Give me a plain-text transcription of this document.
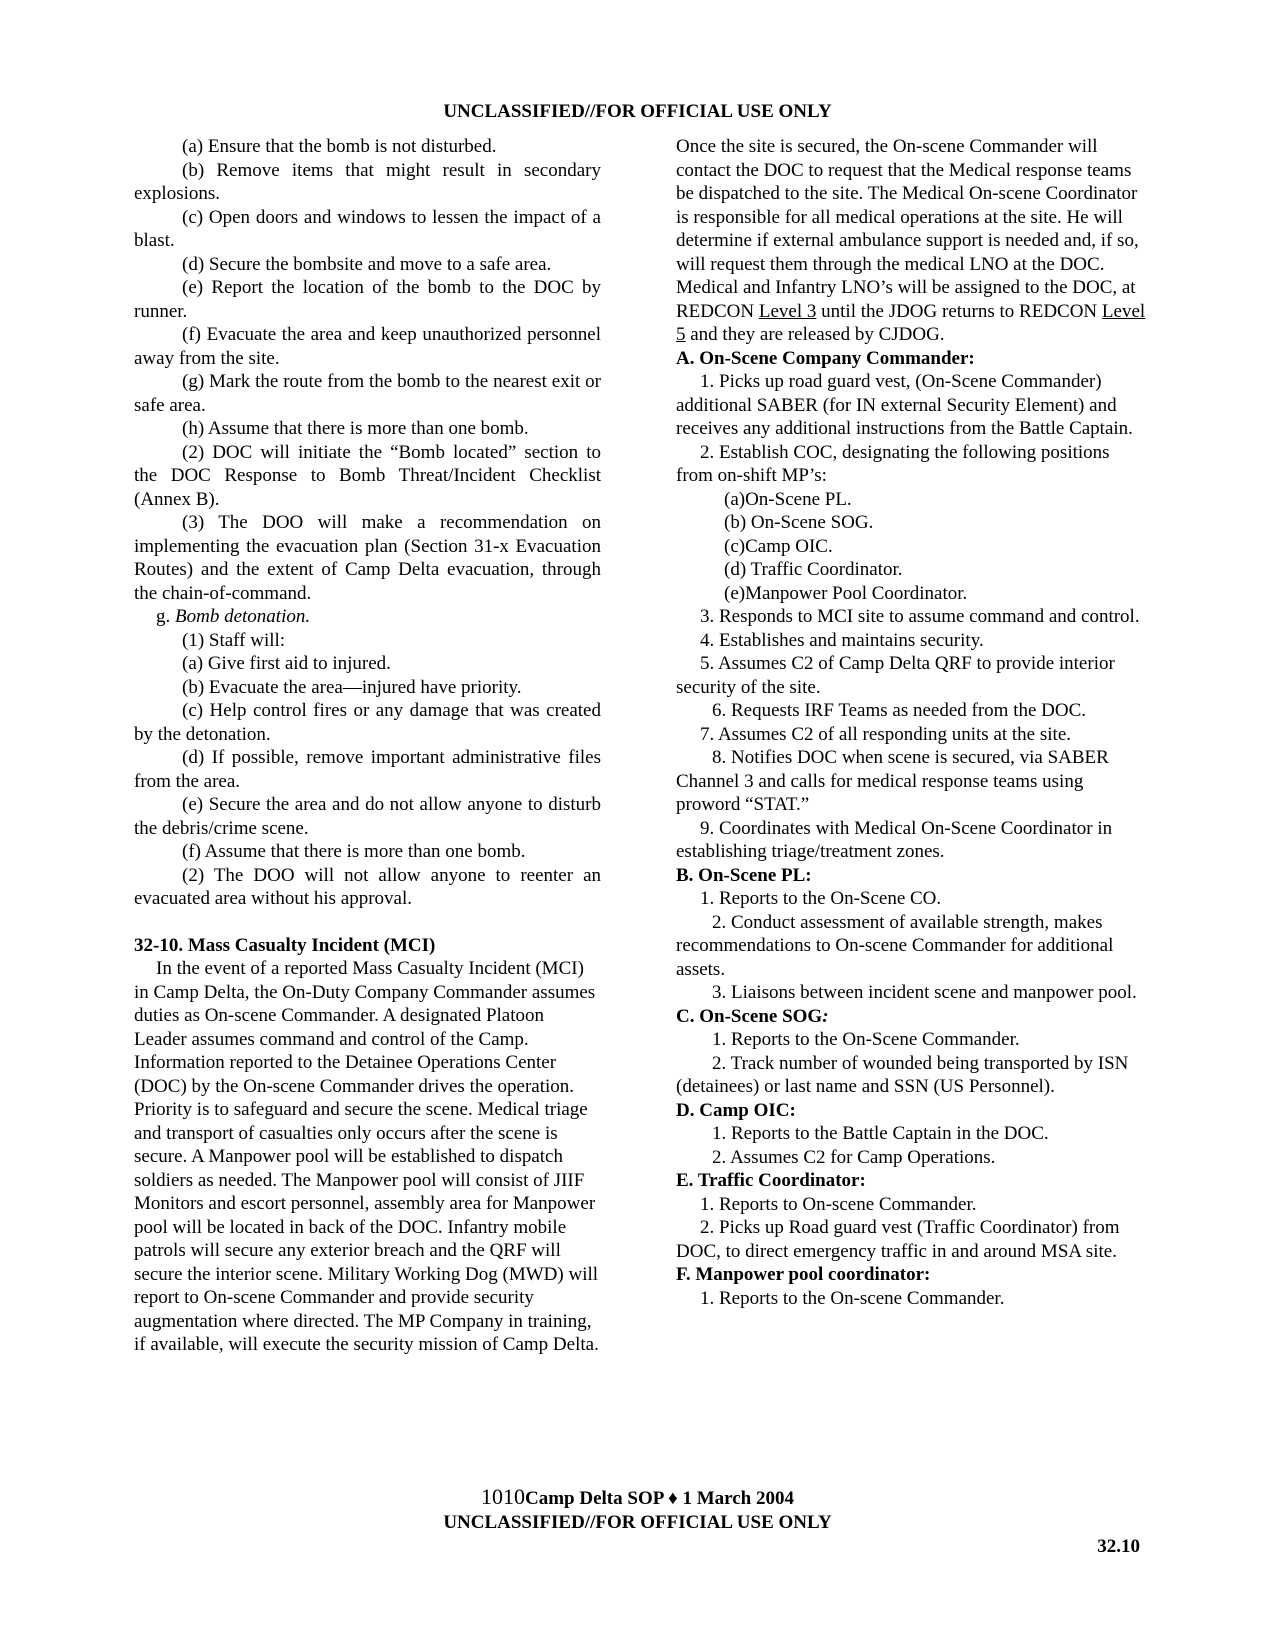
UNCLASSIFIED//FOR OFFICIAL USE ONLY

(a) Ensure that the bomb is not disturbed.

(b) Remove items that might result in secondary explosions.

(c) Open doors and windows to lessen the impact of a blast.

(d) Secure the bombsite and move to a safe area.

(e) Report the location of the bomb to the DOC by runner.

(f) Evacuate the area and keep unauthorized personnel away from the site.

(g) Mark the route from the bomb to the nearest exit or safe area.

(h) Assume that there is more than one bomb.

(2) DOC will initiate the “Bomb located” section to the DOC Response to Bomb Threat/Incident Checklist (Annex B).

(3) The DOO will make a recommendation on implementing the evacuation plan (Section 31-x Evacuation Routes) and the extent of Camp Delta evacuation, through the chain-of-command.

g. Bomb detonation.

(1) Staff will:

(a) Give first aid to injured.

(b) Evacuate the area—injured have priority.

(c) Help control fires or any damage that was created by the detonation.

(d) If possible, remove important administrative files from the area.

(e) Secure the area and do not allow anyone to disturb the debris/crime scene.

(f) Assume that there is more than one bomb.

(2) The DOO will not allow anyone to reenter an evacuated area without his approval.

32-10. Mass Casualty Incident (MCI)

In the event of a reported Mass Casualty Incident (MCI) in Camp Delta, the On-Duty Company Commander assumes duties as On-scene Commander. A designated Platoon Leader assumes command and control of the Camp. Information reported to the Detainee Operations Center (DOC) by the On-scene Commander drives the operation.

Priority is to safeguard and secure the scene. Medical triage and transport of casualties only occurs after the scene is secure. A Manpower pool will be established to dispatch soldiers as needed. The Manpower pool will consist of JIIF Monitors and escort personnel, assembly area for Manpower pool will be located in back of the DOC. Infantry mobile patrols will secure any exterior breach and the QRF will secure the interior scene. Military Working Dog (MWD) will report to On-scene Commander and provide security augmentation where directed. The MP Company in training, if available, will execute the security mission of Camp Delta.

Once the site is secured, the On-scene Commander will contact the DOC to request that the Medical response teams be dispatched to the site. The Medical On-scene Coordinator is responsible for all medical operations at the site. He will determine if external ambulance support is needed and, if so, will request them through the medical LNO at the DOC.

Medical and Infantry LNO’s will be assigned to the DOC, at REDCON Level 3 until the JDOG returns to REDCON Level 5 and they are released by CJDOG.

A. On-Scene Company Commander:

1. Picks up road guard vest, (On-Scene Commander) additional SABER (for IN external Security Element) and receives any additional instructions from the Battle Captain.

2. Establish COC, designating the following positions from on-shift MP’s:

(a)On-Scene PL.

(b) On-Scene SOG.

(c)Camp OIC.

(d) Traffic Coordinator.

(e)Manpower Pool Coordinator.

3. Responds to MCI site to assume command and control.

4. Establishes and maintains security.

5. Assumes C2 of Camp Delta QRF to provide interior security of the site.

6. Requests IRF Teams as needed from the DOC.

7. Assumes C2 of all responding units at the site.

8. Notifies DOC when scene is secured, via SABER Channel 3 and calls for medical response teams using proword “STAT.”

9. Coordinates with Medical On-Scene Coordinator in establishing triage/treatment zones.

B. On-Scene PL:

1. Reports to the On-Scene CO.

2. Conduct assessment of available strength, makes recommendations to On-scene Commander for additional assets.

3. Liaisons between incident scene and manpower pool.

C. On-Scene SOG:

1. Reports to the On-Scene Commander.

2. Track number of wounded being transported by ISN (detainees) or last name and SSN (US Personnel).

D. Camp OIC:

1. Reports to the Battle Captain in the DOC.

2. Assumes C2 for Camp Operations.

E. Traffic Coordinator:

1. Reports to On-scene Commander.

2. Picks up Road guard vest (Traffic Coordinator) from DOC, to direct emergency traffic in and around MSA site.

F. Manpower pool coordinator:

1. Reports to the On-scene Commander.

1010Camp Delta SOP ♦ 1 March 2004
UNCLASSIFIED//FOR OFFICIAL USE ONLY
32.10
